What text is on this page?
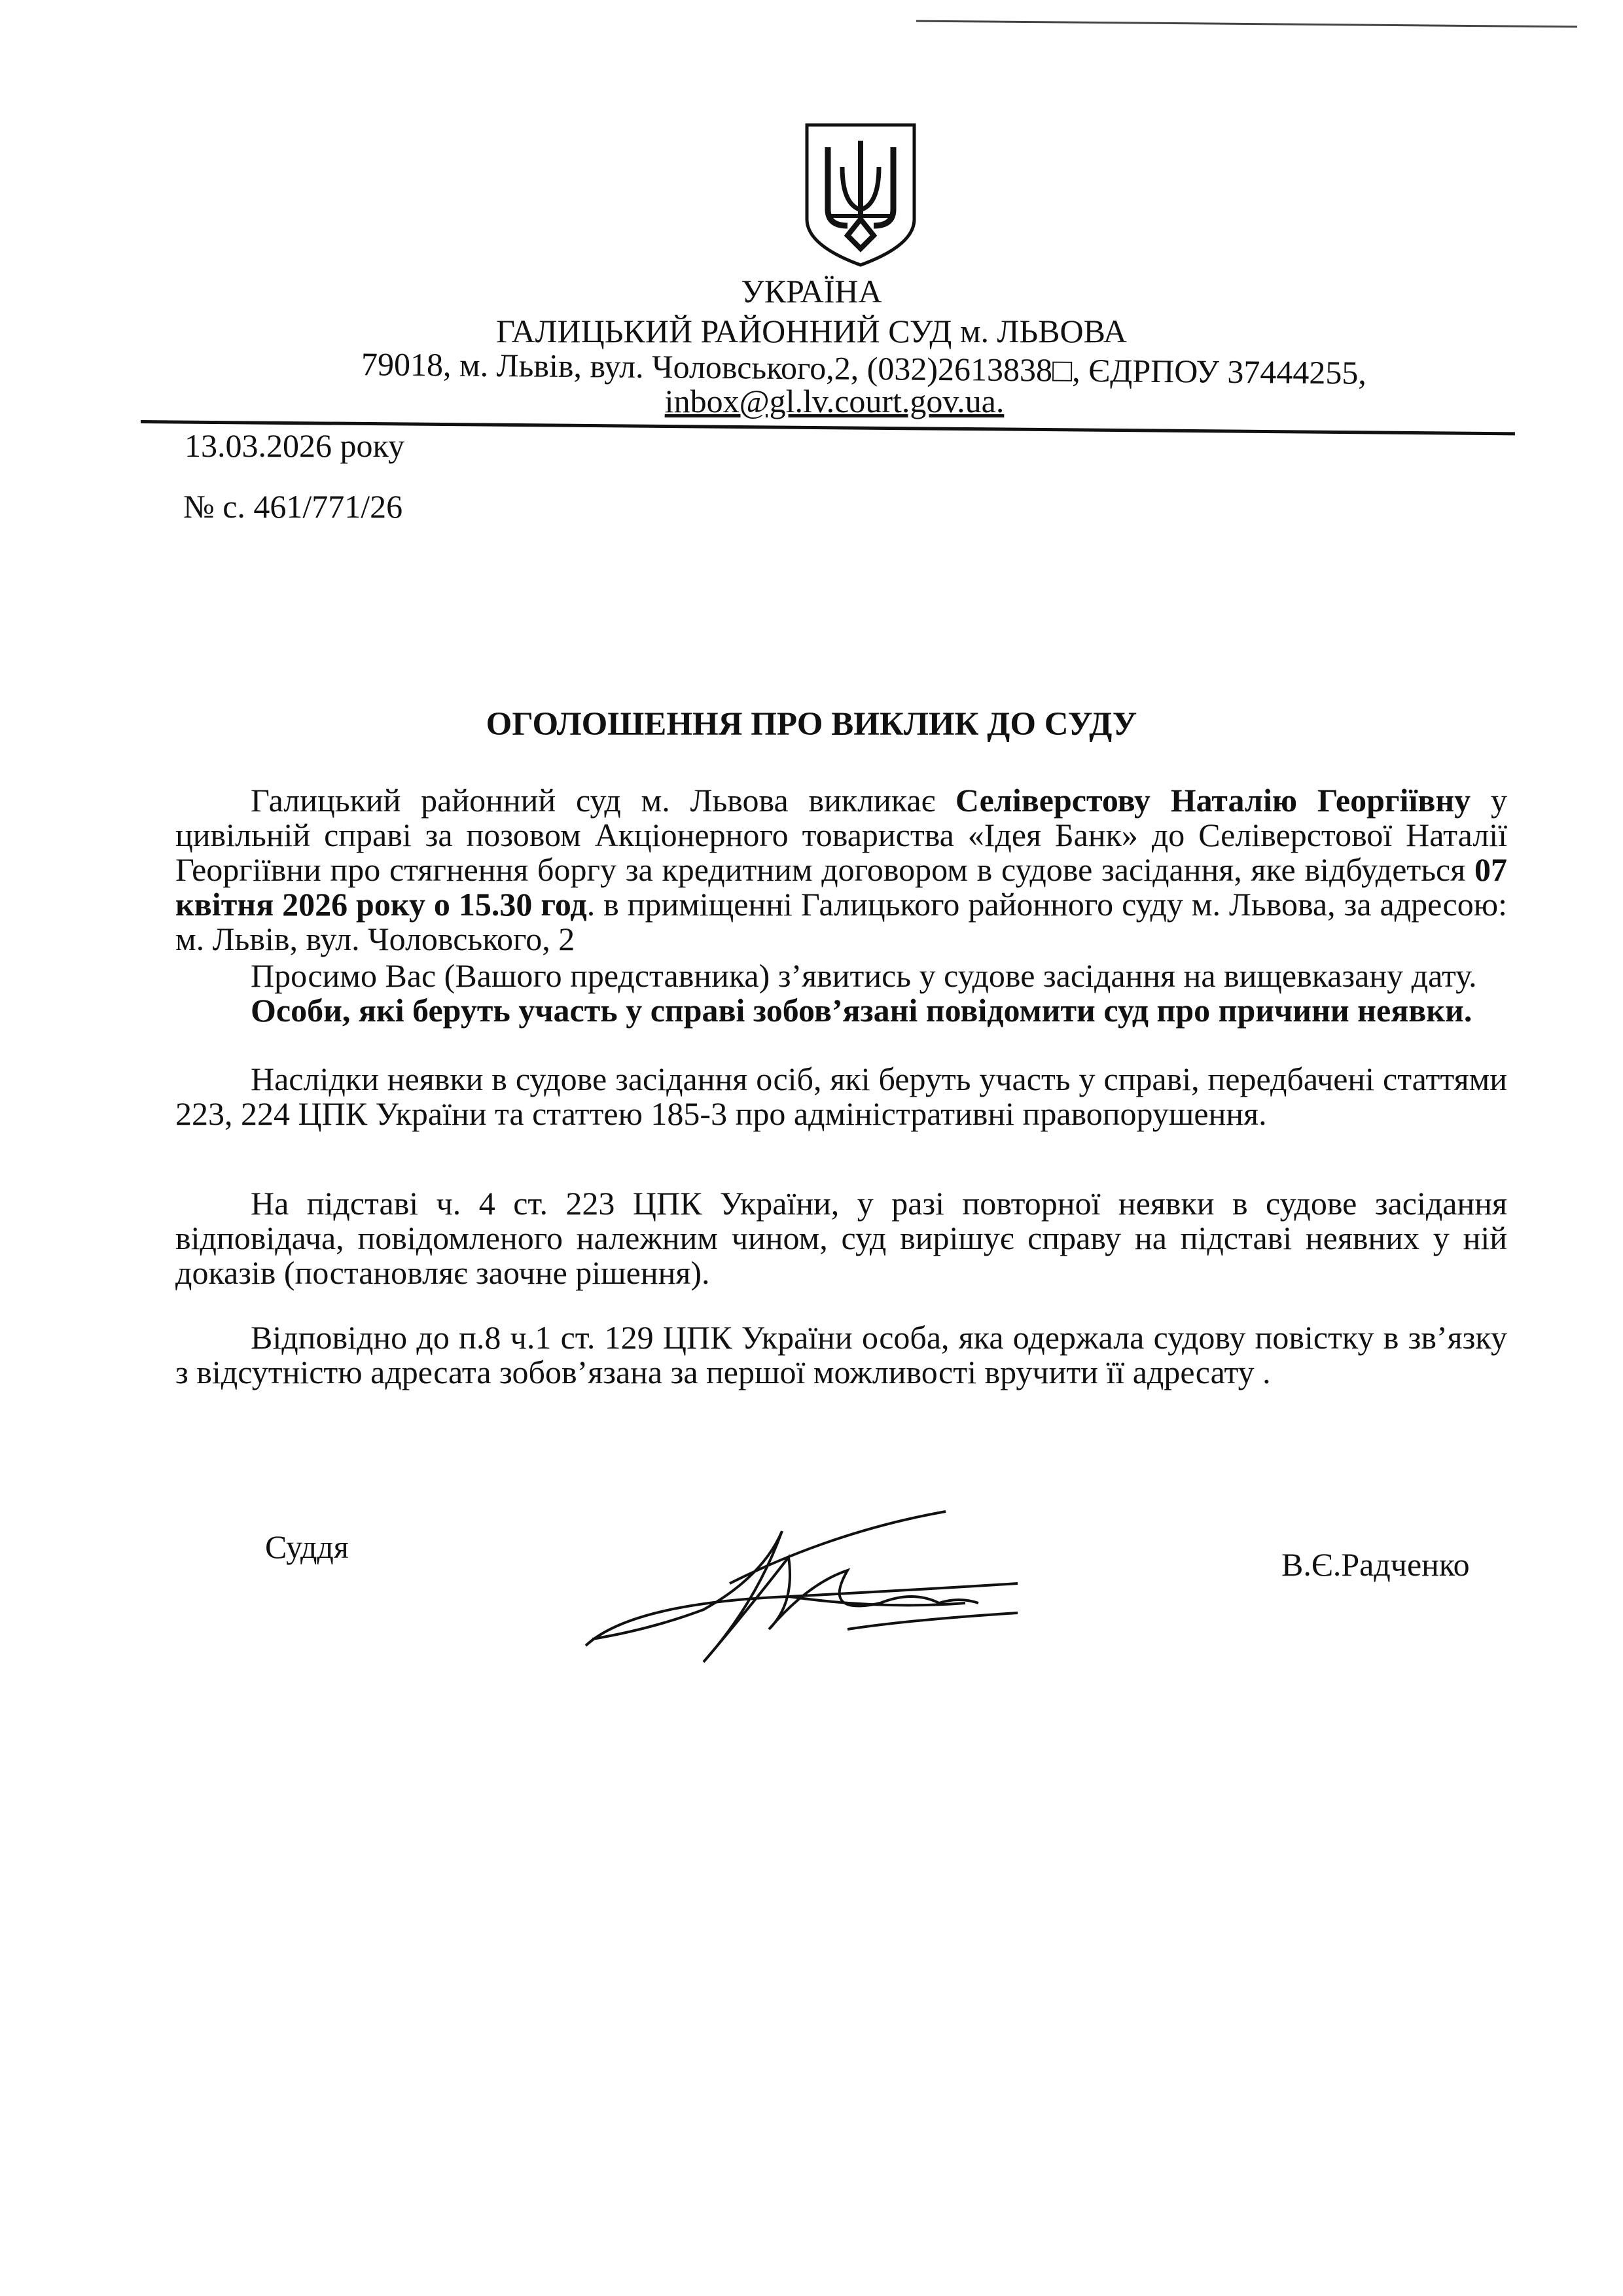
УКРАЇНА
ГАЛИЦЬКИЙ РАЙОННИЙ СУД м. ЛЬВОВА
79018, м. Львів, вул. Чоловського,2, (032)2613838□, ЄДРПОУ 37444255,
inbox@gl.lv.court.gov.ua.
13.03.2026 року
№ с. 461/771/26
ОГОЛОШЕННЯ ПРО ВИКЛИК ДО СУДУ
Галицький районний суд м. Львова викликає Селіверстову Наталію Георгіївну у цивільній справі за позовом Акціонерного товариства «Ідея Банк» до Селіверстової Наталії Георгіївни про стягнення боргу за кредитним договором в судове засідання, яке відбудеться 07 квітня 2026 року о 15.30 год. в приміщенні Галицького районного суду м. Львова, за адресою: м. Львів, вул. Чоловського, 2
Просимо Вас (Вашого представника) з’явитись у судове засідання на вищевказану дату.
Особи, які беруть участь у справі зобов’язані повідомити суд про причини неявки.
Наслідки неявки в судове засідання осіб, які беруть участь у справі, передбачені статтями 223, 224 ЦПК України та статтею 185-3 про адміністративні правопорушення.
На підставі ч. 4 ст. 223 ЦПК України, у разі повторної неявки в судове засідання відповідача, повідомленого належним чином, суд вирішує справу на підставі неявних у ній доказів (постановляє заочне рішення).
Відповідно до п.8 ч.1 ст. 129 ЦПК України особа, яка одержала судову повістку в зв’язку з відсутністю адресата зобов’язана за першої можливості вручити її адресату .
Суддя	В.Є.Радченко
